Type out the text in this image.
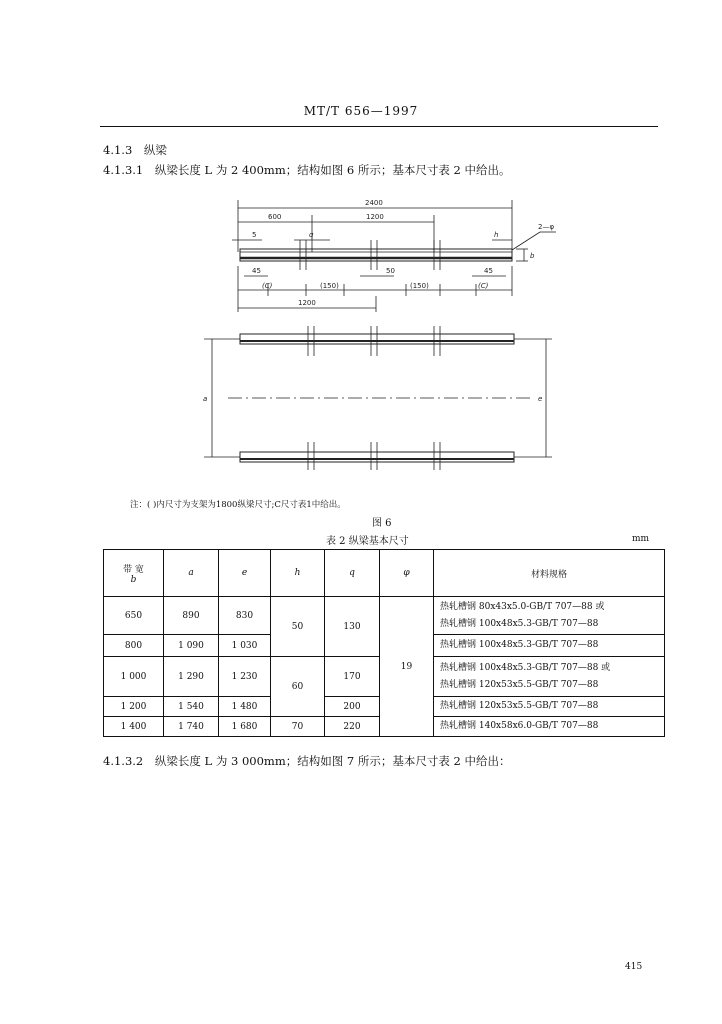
MT/T 656—1997
4.1.3 纵梁
4.1.3.1 纵梁长度 L 为 2 400mm；结构如图 6 所示；基本尺寸表 2 中给出。
2400
600	1200
5	q	h
2—φ
b
45	50	45
(C)	(150)	(150)	(C)
1200
a	e
注：( )内尺寸为支架为1800纵梁尺寸;C尺寸表1中给出。
图 6
表 2 纵梁基本尺寸	mm
带 宽
b	a	e	h	q	φ	材料规格
650	890	830	50	130	19	热轧槽钢 80x43x5.0-GB/T 707—88 或
热轧槽钢 100x48x5.3-GB/T 707—88

800	1 090	1 030				热轧槽钢 100x48x5.3-GB/T 707—88
1 000	1 290	1 230	60	170		热轧槽钢 100x48x5.3-GB/T 707—88 或
热轧槽钢 120x53x5.5-GB/T 707—88

1 200	1 540	1 480		200		热轧槽钢 120x53x5.5-GB/T 707—88
1 400	1 740	1 680	70	220		热轧槽钢 140x58x6.0-GB/T 707—88
4.1.3.2 纵梁长度 L 为 3 000mm；结构如图 7 所示；基本尺寸表 2 中给出：
415
